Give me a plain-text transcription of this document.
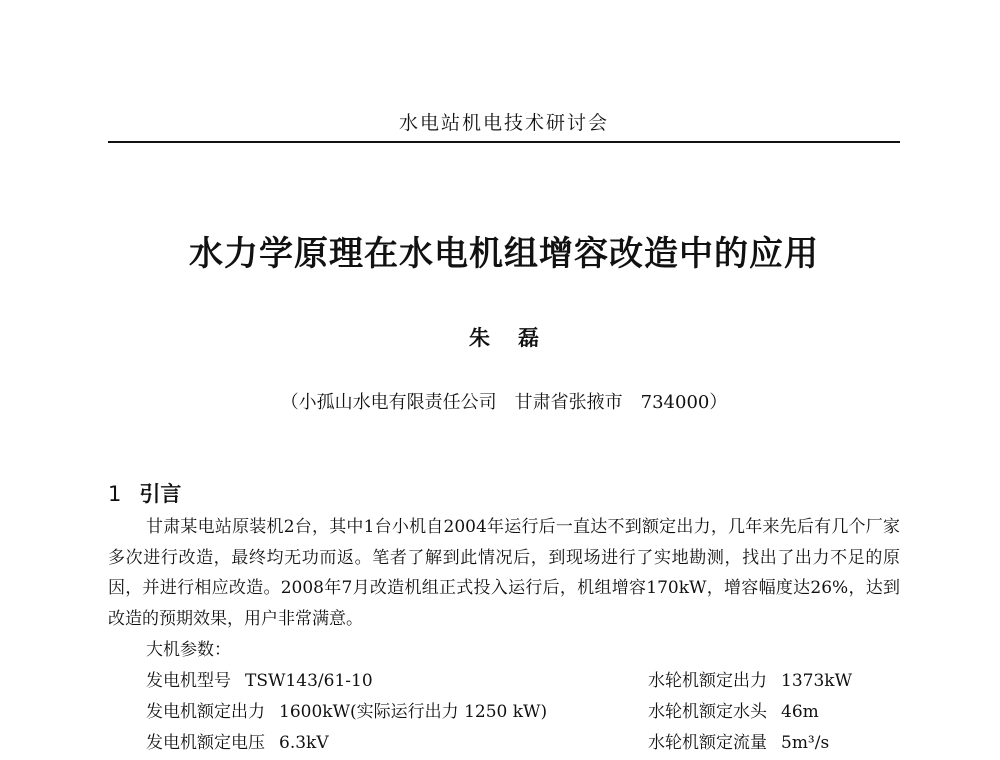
水电站机电技术研讨会
水力学原理在水电机组增容改造中的应用
朱磊
（小孤山水电有限责任公司　甘肃省张掖市　734000）
1 引言
甘肃某电站原装机2台，其中1台小机自2004年运行后一直达不到额定出力，几年来先后有几个厂家多次进行改造，最终均无功而返。笔者了解到此情况后，到现场进行了实地勘测，找出了出力不足的原因，并进行相应改造。2008年7月改造机组正式投入运行后，机组增容170kW，增容幅度达26%，达到改造的预期效果，用户非常满意。
大机参数：
发电机型号 TSW143/61-10
发电机额定出力 1600kW(实际运行出力 1250 kW)
发电机额定电压 6.3kV
水轮机额定出力 1373kW
水轮机额定水头 46m
水轮机额定流量 5m³/s
